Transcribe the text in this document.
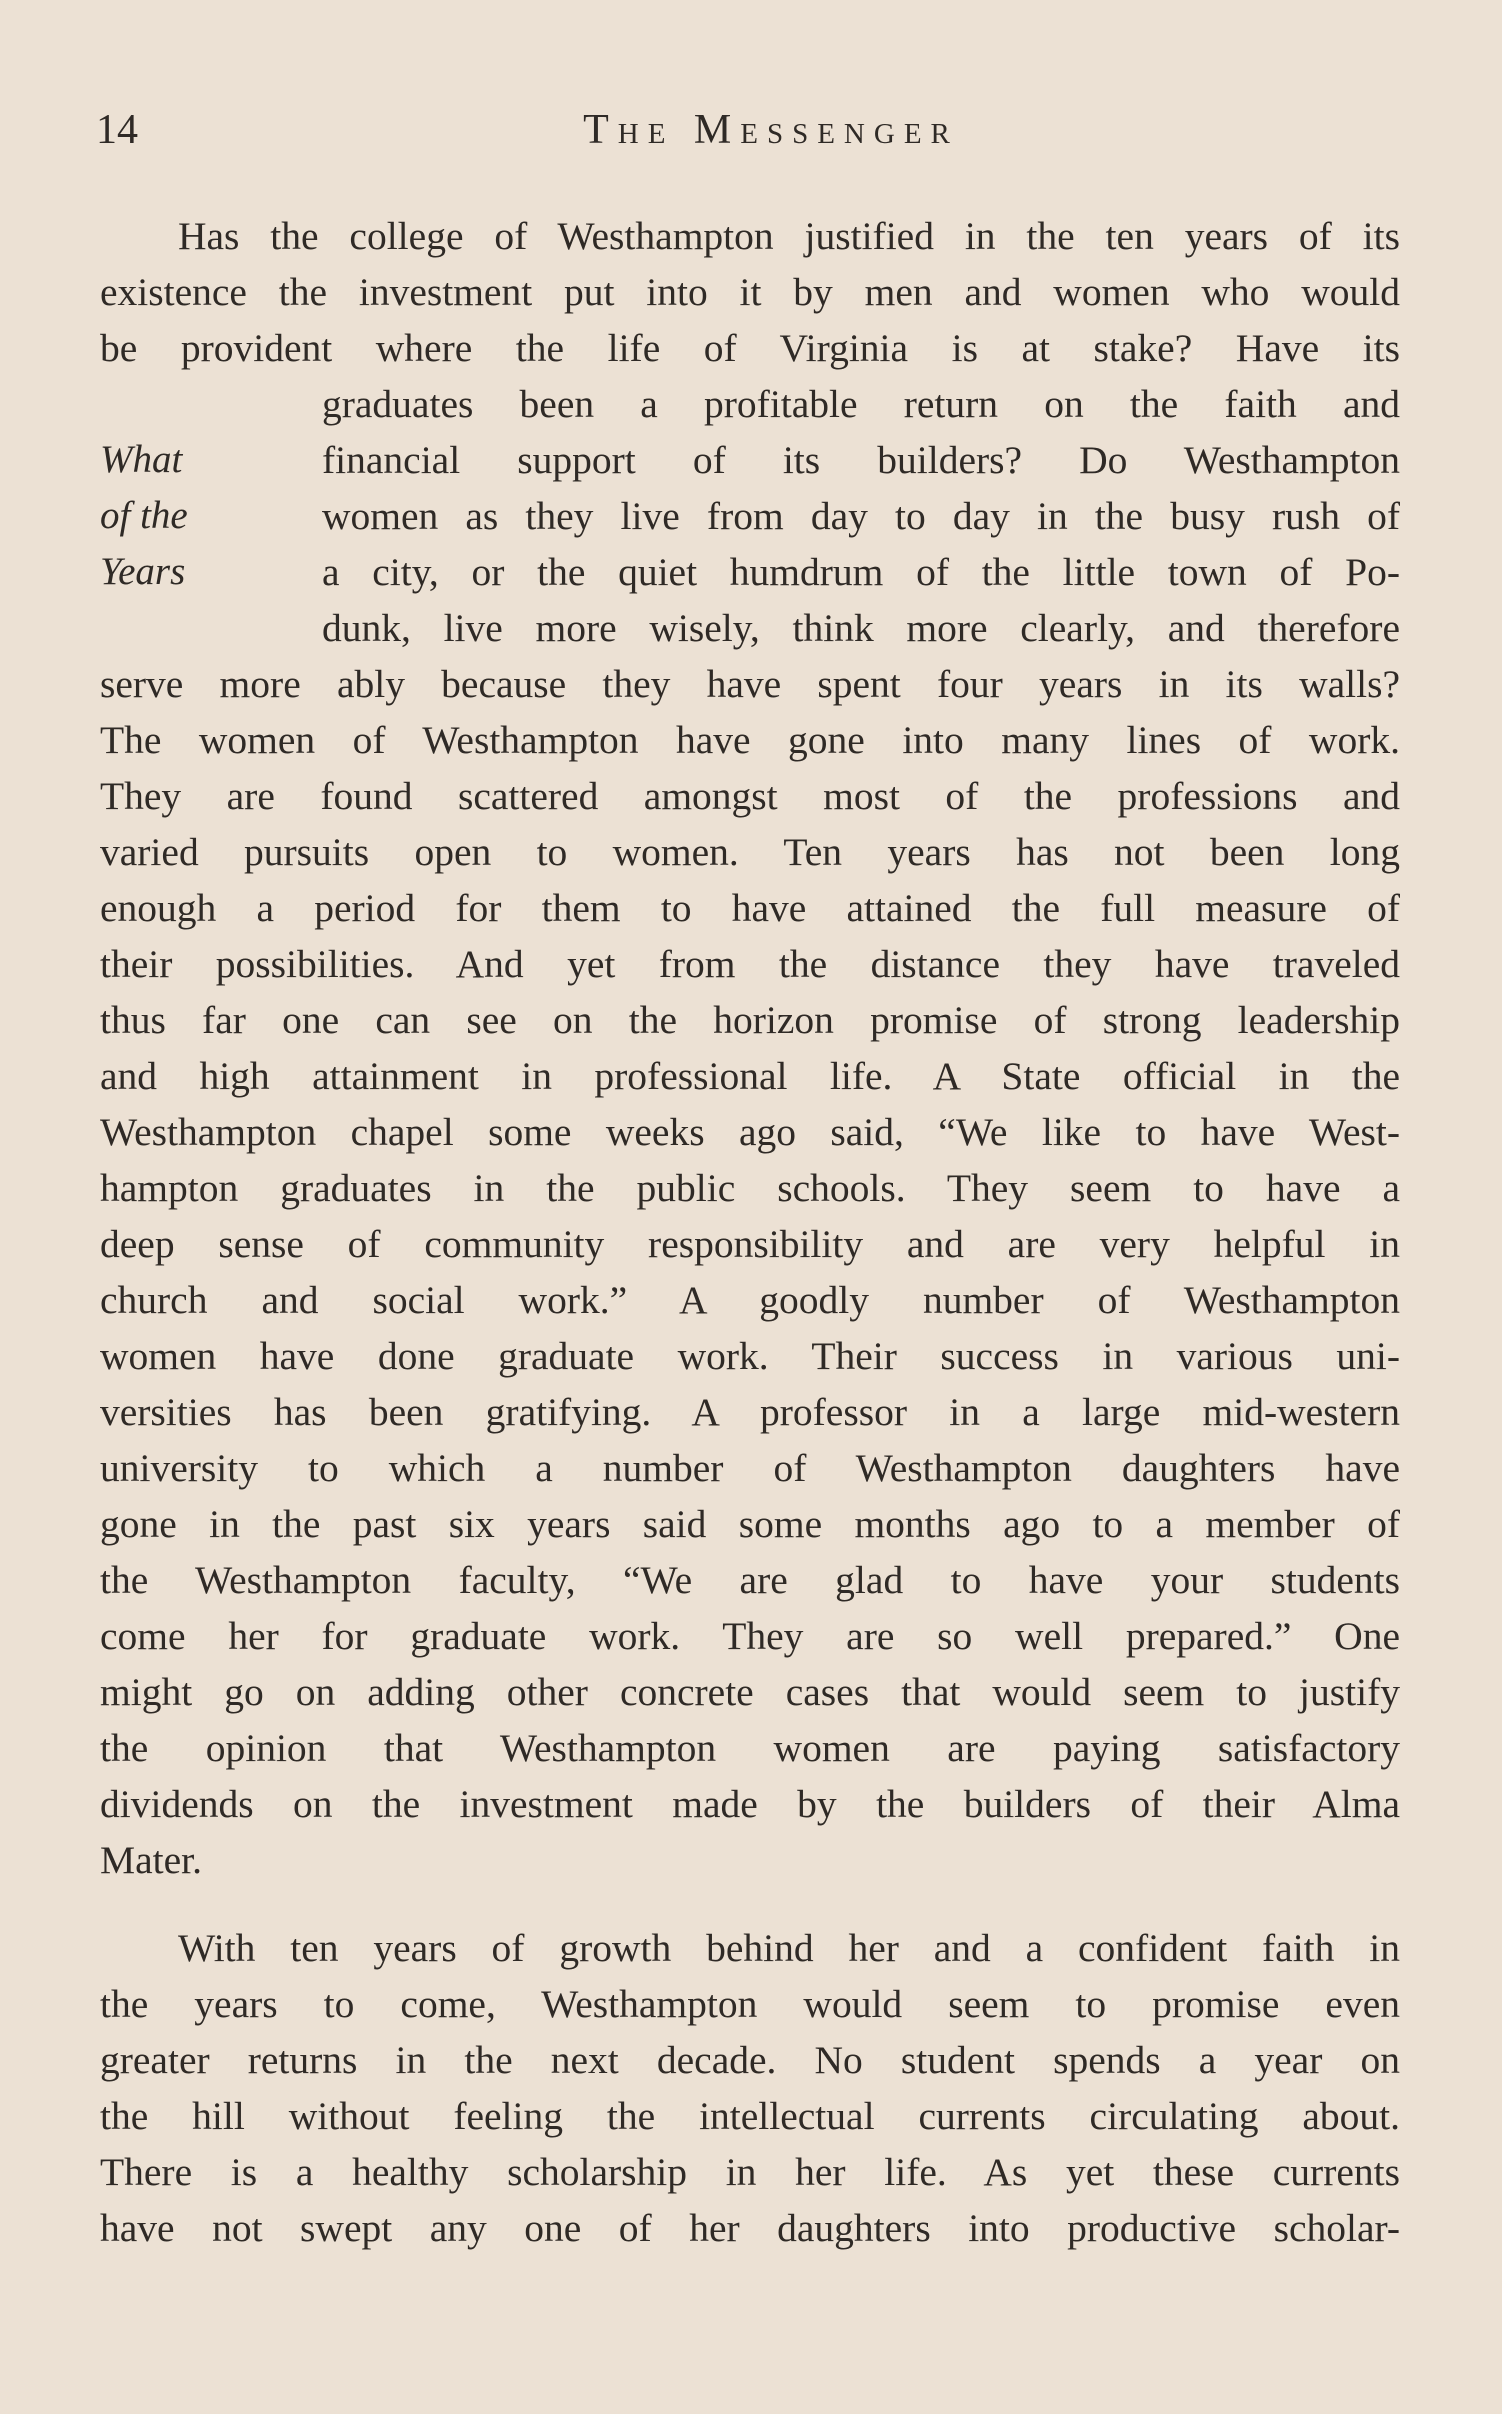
14	The Messenger
What
of the
Years
Has the college of Westhampton justified in the ten years of its
existence the investment put into it by men and women who would
be provident where the life of Virginia is at stake? Have its
graduates been a profitable return on the faith and
financial support of its builders? Do Westhampton
women as they live from day to day in the busy rush of
a city, or the quiet humdrum of the little town of Po-
dunk, live more wisely, think more clearly, and therefore
serve more ably because they have spent four years in its walls?
The women of Westhampton have gone into many lines of work.
They are found scattered amongst most of the professions and
varied pursuits open to women. Ten years has not been long
enough a period for them to have attained the full measure of
their possibilities. And yet from the distance they have traveled
thus far one can see on the horizon promise of strong leadership
and high attainment in professional life. A State official in the
Westhampton chapel some weeks ago said, “We like to have West-
hampton graduates in the public schools. They seem to have a
deep sense of community responsibility and are very helpful in
church and social work.” A goodly number of Westhampton
women have done graduate work. Their success in various uni-
versities has been gratifying. A professor in a large mid-western
university to which a number of Westhampton daughters have
gone in the past six years said some months ago to a member of
the Westhampton faculty, “We are glad to have your students
come her for graduate work. They are so well prepared.” One
might go on adding other concrete cases that would seem to justify
the opinion that Westhampton women are paying satisfactory
dividends on the investment made by the builders of their Alma
Mater.
With ten years of growth behind her and a confident faith in
the years to come, Westhampton would seem to promise even
greater returns in the next decade. No student spends a year on
the hill without feeling the intellectual currents circulating about.
There is a healthy scholarship in her life. As yet these currents
have not swept any one of her daughters into productive scholar-
